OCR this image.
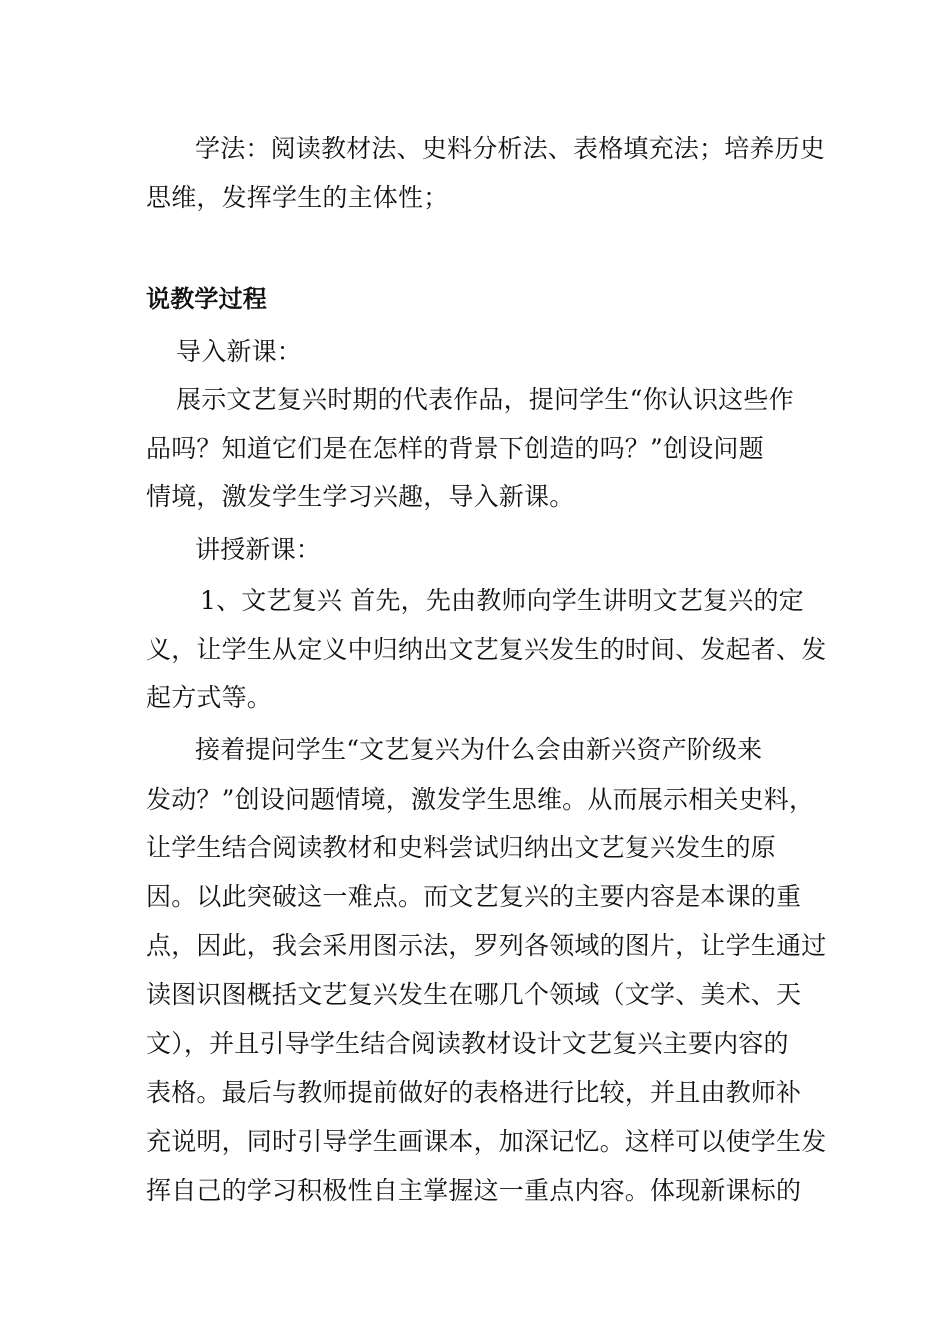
学法：阅读教材法、史料分析法、表格填充法；培养历史
思维，发挥学生的主体性；
说教学过程
导入新课：
展示文艺复兴时期的代表作品，提问学生“你认识这些作
品吗？知道它们是在怎样的背景下创造的吗？”创设问题
情境，激发学生学习兴趣，导入新课。
讲授新课：
1、文艺复兴 首先，先由教师向学生讲明文艺复兴的定
义，让学生从定义中归纳出文艺复兴发生的时间、发起者、发
起方式等。
接着提问学生“文艺复兴为什么会由新兴资产阶级来
发动？”创设问题情境，激发学生思维。从而展示相关史料，
让学生结合阅读教材和史料尝试归纳出文艺复兴发生的原
因。以此突破这一难点。而文艺复兴的主要内容是本课的重
点，因此，我会采用图示法，罗列各领域的图片，让学生通过
读图识图概括文艺复兴发生在哪几个领域（文学、美术、天
文），并且引导学生结合阅读教材设计文艺复兴主要内容的
表格。最后与教师提前做好的表格进行比较，并且由教师补
充说明，同时引导学生画课本，加深记忆。这样可以使学生发
挥自己的学习积极性自主掌握这一重点内容。体现新课标的
